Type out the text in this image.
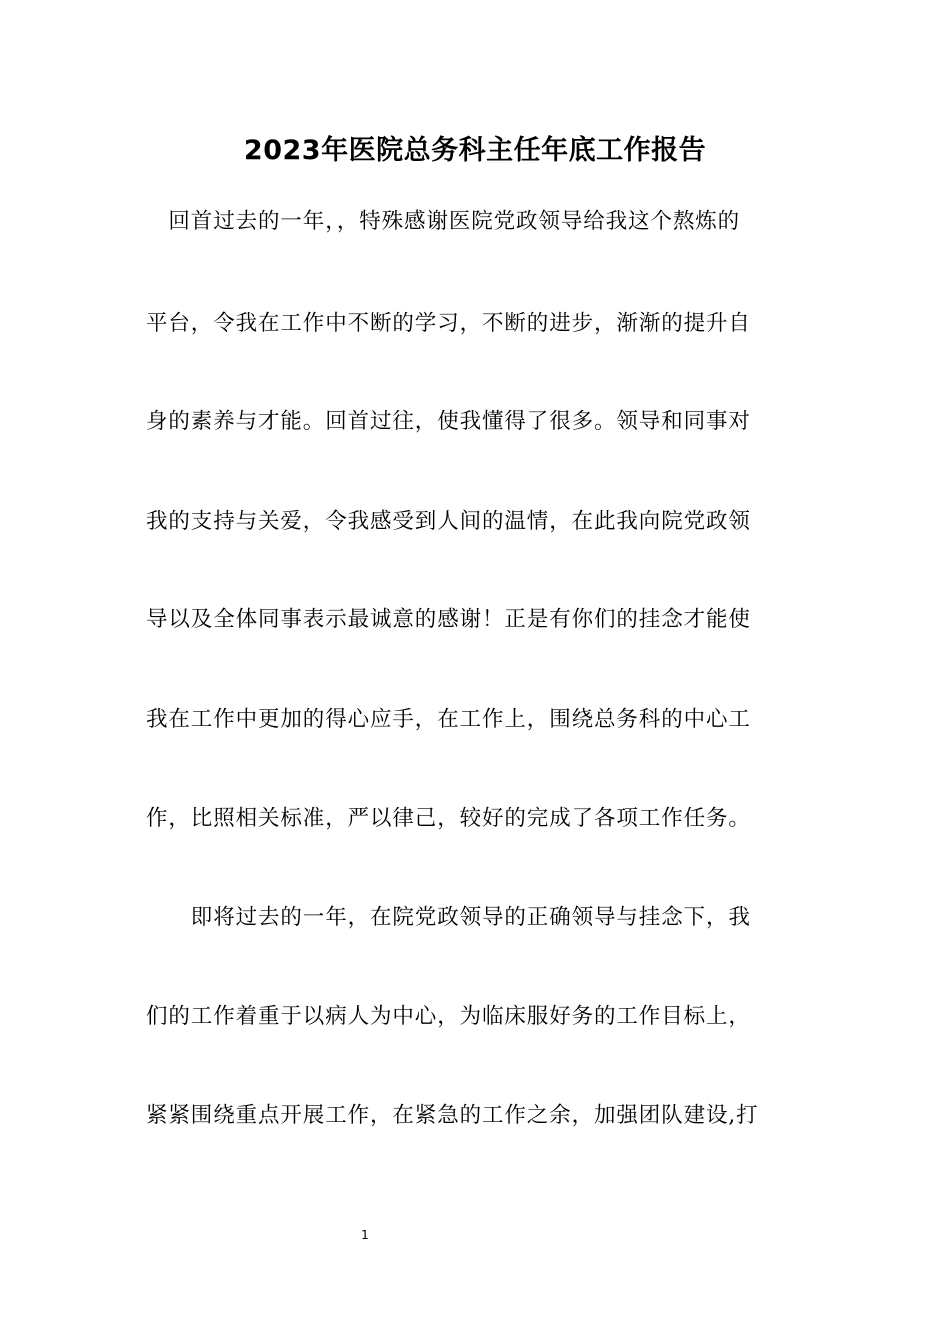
2023年医院总务科主任年底工作报告
　回首过去的一年，，特殊感谢医院党政领导给我这个熬炼的
平台，令我在工作中不断的学习，不断的进步，渐渐的提升自
身的素养与才能。回首过往，使我懂得了很多。领导和同事对
我的支持与关爱，令我感受到人间的温情，在此我向院党政领
导以及全体同事表示最诚意的感谢！正是有你们的挂念才能使
我在工作中更加的得心应手，在工作上，围绕总务科的中心工
作，比照相关标准，严以律己，较好的完成了各项工作任务。
　　即将过去的一年，在院党政领导的正确领导与挂念下，我
们的工作着重于以病人为中心，为临床服好务的工作目标上，
紧紧围绕重点开展工作，在紧急的工作之余，加强团队建设,打
1
